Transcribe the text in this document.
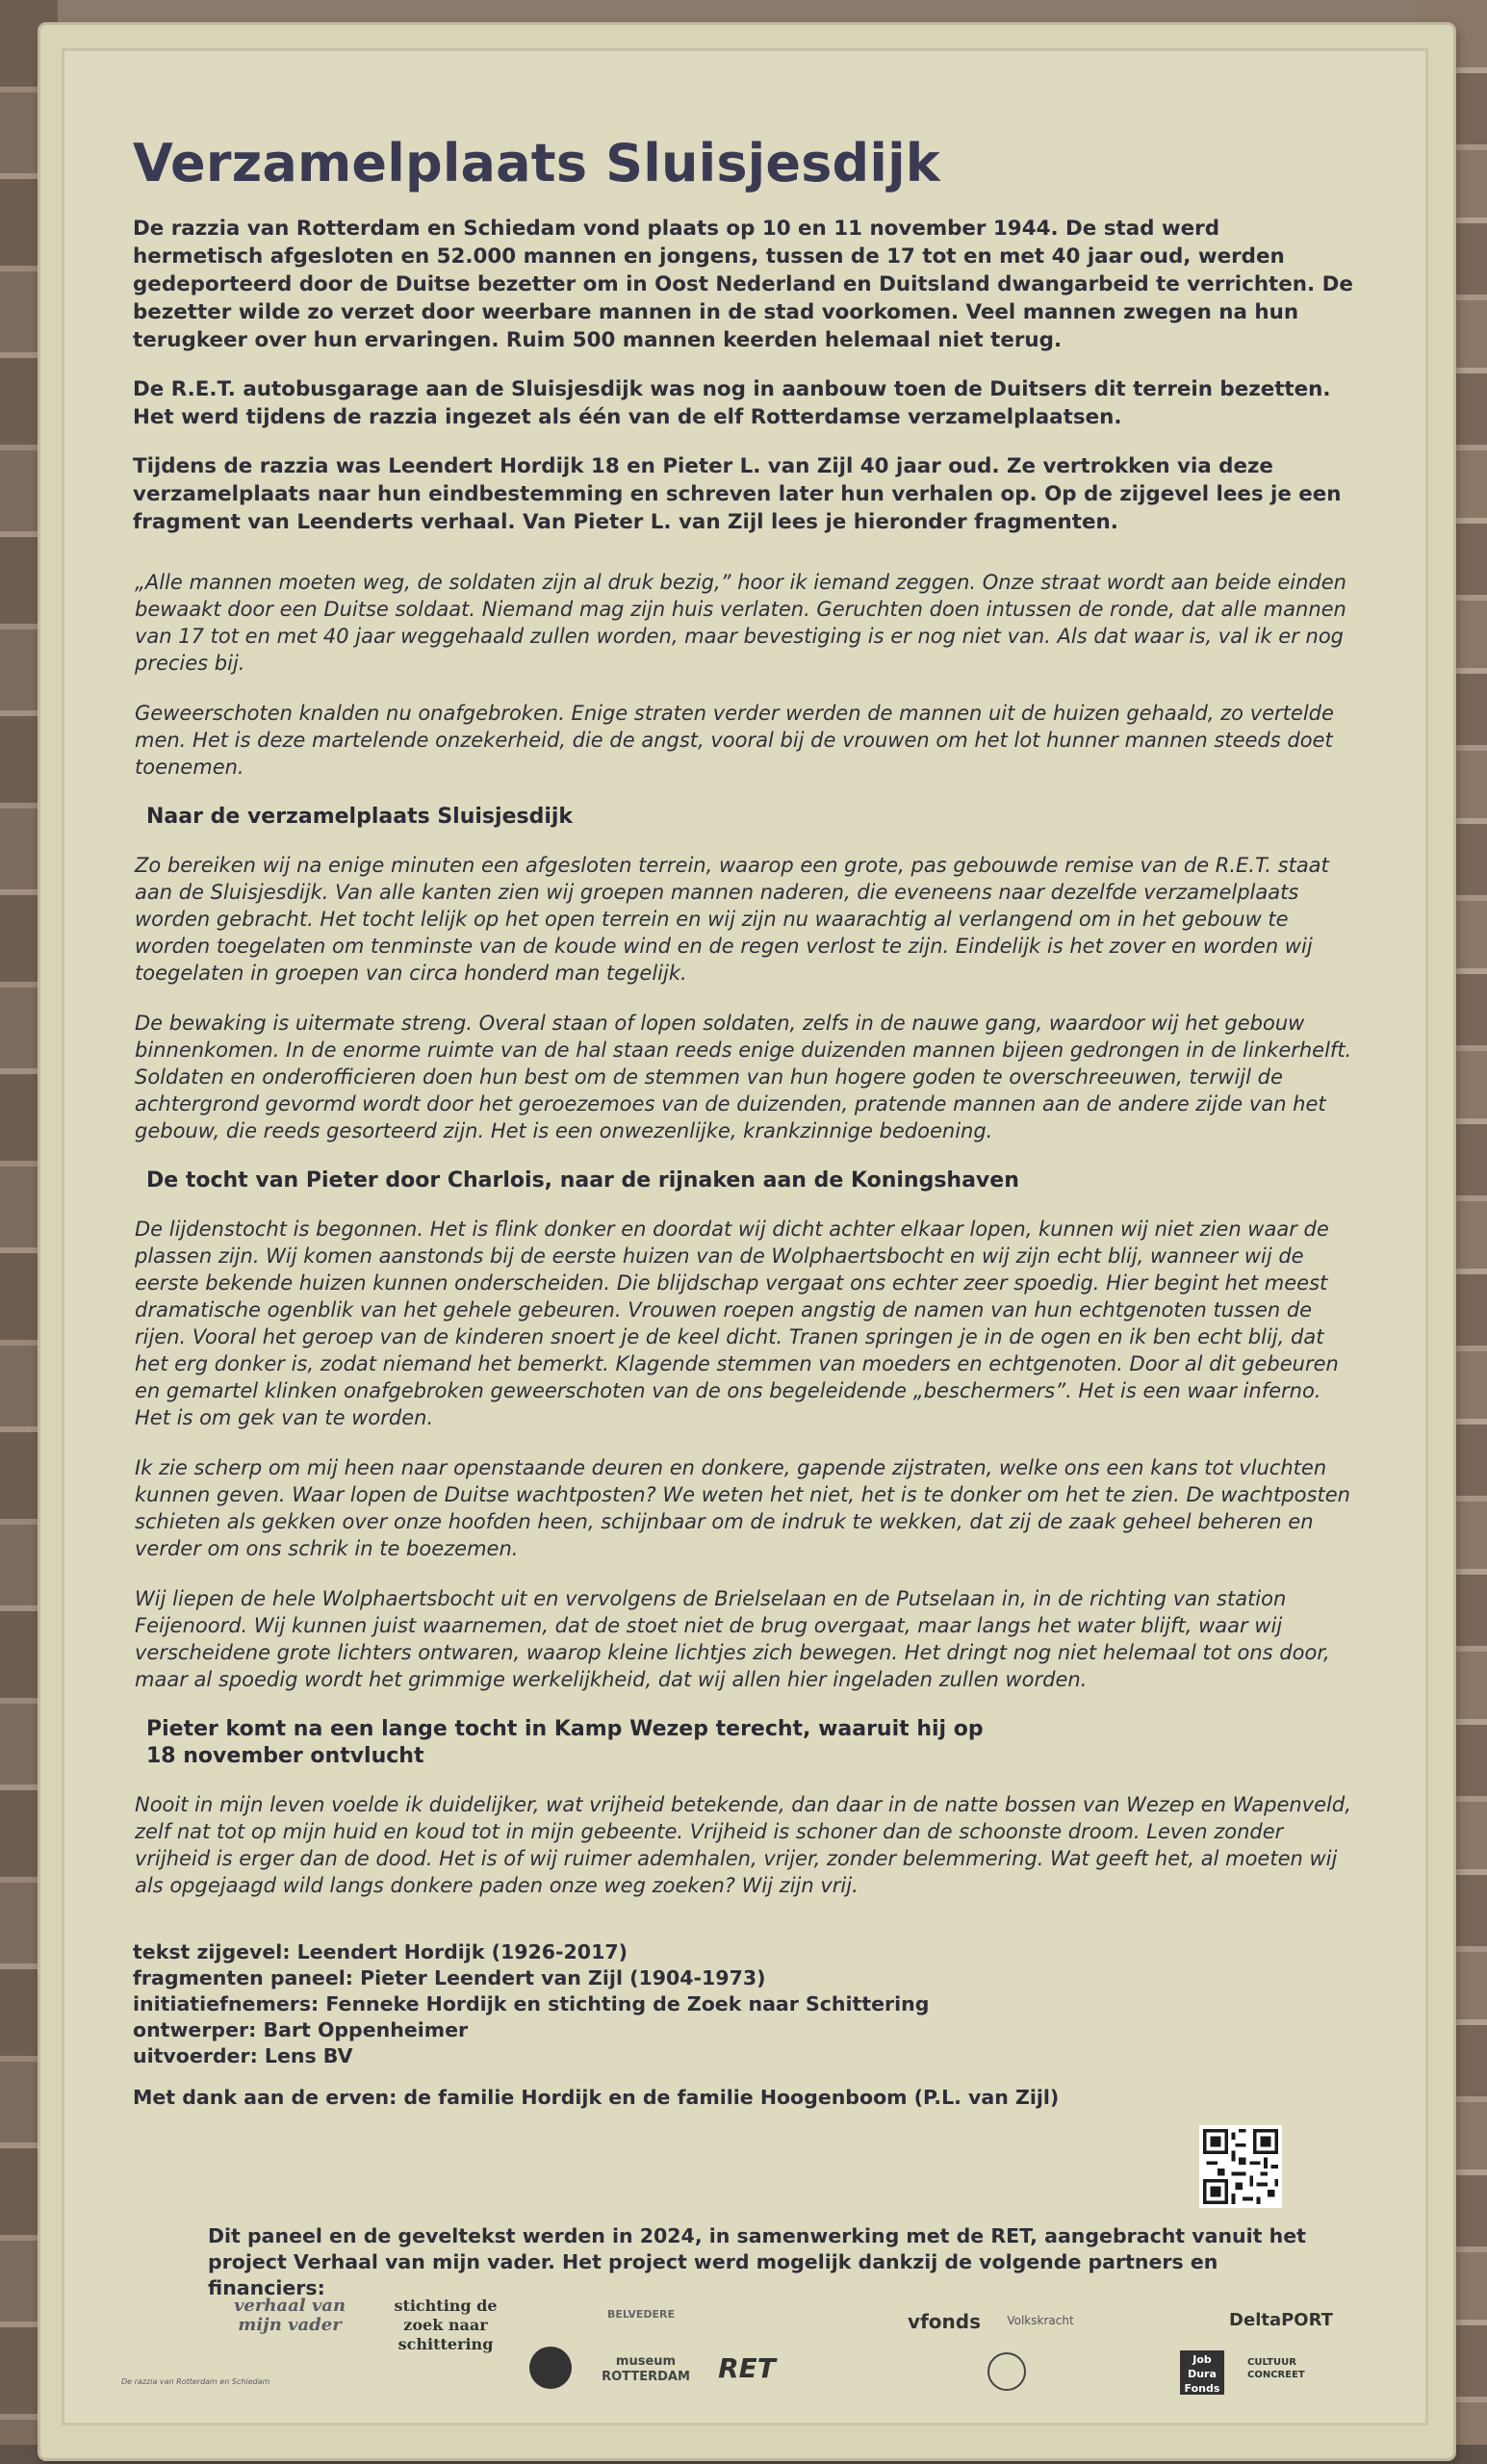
Verzamelplaats Sluisjesdijk

De razzia van Rotterdam en Schiedam vond plaats op 10 en 11 november 1944. De stad werd hermetisch afgesloten en 52.000 mannen en jongens, tussen de 17 tot en met 40 jaar oud, werden gedeporteerd door de Duitse bezetter om in Oost Nederland en Duitsland dwangarbeid te verrichten. De bezetter wilde zo verzet door weerbare mannen in de stad voorkomen. Veel mannen zwegen na hun terugkeer over hun ervaringen. Ruim 500 mannen keerden helemaal niet terug.

De R.E.T. autobusgarage aan de Sluisjesdijk was nog in aanbouw toen de Duitsers dit terrein bezetten. Het werd tijdens de razzia ingezet als één van de elf Rotterdamse verzamelplaatsen.

Tijdens de razzia was Leendert Hordijk 18 en Pieter L. van Zijl 40 jaar oud. Ze vertrokken via deze verzamelplaats naar hun eindbestemming en schreven later hun verhalen op. Op de zijgevel lees je een fragment van Leenderts verhaal. Van Pieter L. van Zijl lees je hieronder fragmenten.

„Alle mannen moeten weg, de soldaten zijn al druk bezig,” hoor ik iemand zeggen. Onze straat wordt aan beide einden bewaakt door een Duitse soldaat. Niemand mag zijn huis verlaten. Geruchten doen intussen de ronde, dat alle mannen van 17 tot en met 40 jaar weggehaald zullen worden, maar bevestiging is er nog niet van. Als dat waar is, val ik er nog precies bij.

Geweerschoten knalden nu onafgebroken. Enige straten verder werden de mannen uit de huizen gehaald, zo vertelde men. Het is deze martelende onzekerheid, die de angst, vooral bij de vrouwen om het lot hunner mannen steeds doet toenemen.

Naar de verzamelplaats Sluisjesdijk

Zo bereiken wij na enige minuten een afgesloten terrein, waarop een grote, pas gebouwde remise van de R.E.T. staat aan de Sluisjesdijk. Van alle kanten zien wij groepen mannen naderen, die eveneens naar dezelfde verzamelplaats worden gebracht. Het tocht lelijk op het open terrein en wij zijn nu waarachtig al verlangend om in het gebouw te worden toegelaten om tenminste van de koude wind en de regen verlost te zijn. Eindelijk is het zover en worden wij toegelaten in groepen van circa honderd man tegelijk.

De bewaking is uitermate streng. Overal staan of lopen soldaten, zelfs in de nauwe gang, waardoor wij het gebouw binnenkomen. In de enorme ruimte van de hal staan reeds enige duizenden mannen bijeen gedrongen in de linkerhelft. Soldaten en onderofficieren doen hun best om de stemmen van hun hogere goden te overschreeuwen, terwijl de achtergrond gevormd wordt door het geroezemoes van de duizenden, pratende mannen aan de andere zijde van het gebouw, die reeds gesorteerd zijn. Het is een onwezenlijke, krankzinnige bedoening.

De tocht van Pieter door Charlois, naar de rijnaken aan de Koningshaven

De lijdenstocht is begonnen. Het is flink donker en doordat wij dicht achter elkaar lopen, kunnen wij niet zien waar de plassen zijn. Wij komen aanstonds bij de eerste huizen van de Wolphaertsbocht en wij zijn echt blij, wanneer wij de eerste bekende huizen kunnen onderscheiden. Die blijdschap vergaat ons echter zeer spoedig. Hier begint het meest dramatische ogenblik van het gehele gebeuren. Vrouwen roepen angstig de namen van hun echtgenoten tussen de rijen. Vooral het geroep van de kinderen snoert je de keel dicht. Tranen springen je in de ogen en ik ben echt blij, dat het erg donker is, zodat niemand het bemerkt. Klagende stemmen van moeders en echtgenoten. Door al dit gebeuren en gemartel klinken onafgebroken geweerschoten van de ons begeleidende „beschermers”. Het is een waar inferno. Het is om gek van te worden.

Ik zie scherp om mij heen naar openstaande deuren en donkere, gapende zijstraten, welke ons een kans tot vluchten kunnen geven. Waar lopen de Duitse wachtposten? We weten het niet, het is te donker om het te zien. De wachtposten schieten als gekken over onze hoofden heen, schijnbaar om de indruk te wekken, dat zij de zaak geheel beheren en verder om ons schrik in te boezemen.

Wij liepen de hele Wolphaertsbocht uit en vervolgens de Brielselaan en de Putselaan in, in de richting van station Feijenoord. Wij kunnen juist waarnemen, dat de stoet niet de brug overgaat, maar langs het water blijft, waar wij verscheidene grote lichters ontwaren, waarop kleine lichtjes zich bewegen. Het dringt nog niet helemaal tot ons door, maar al spoedig wordt het grimmige werkelijkheid, dat wij allen hier ingeladen zullen worden.

Pieter komt na een lange tocht in Kamp Wezep terecht, waaruit hij op 18 november ontvlucht

Nooit in mijn leven voelde ik duidelijker, wat vrijheid betekende, dan daar in de natte bossen van Wezep en Wapenveld, zelf nat tot op mijn huid en koud tot in mijn gebeente. Vrijheid is schoner dan de schoonste droom. Leven zonder vrijheid is erger dan de dood. Het is of wij ruimer ademhalen, vrijer, zonder belemmering. Wat geeft het, al moeten wij als opgejaagd wild langs donkere paden onze weg zoeken? Wij zijn vrij.

tekst zijgevel: Leendert Hordijk (1926-2017)

fragmenten paneel: Pieter Leendert van Zijl (1904-1973)

initiatiefnemers: Fenneke Hordijk en stichting de Zoek naar Schittering

ontwerper: Bart Oppenheimer

uitvoerder: Lens BV

Met dank aan de erven: de familie Hordijk en de familie Hoogenboom (P.L. van Zijl)

Dit paneel en de geveltekst werden in 2024, in samenwerking met de RET, aangebracht vanuit het project Verhaal van mijn vader. Het project werd mogelijk dankzij de volgende partners en financiers:
verhaal van mijn vader
stichting de zoek naar schittering
BELVEDERE
museum ROTTERDAM	RET
vfonds	Volkskracht	DeltaPORT
Job Dura Fonds
CULTUUR CONCREET
De razzia van Rotterdam en Schiedam
